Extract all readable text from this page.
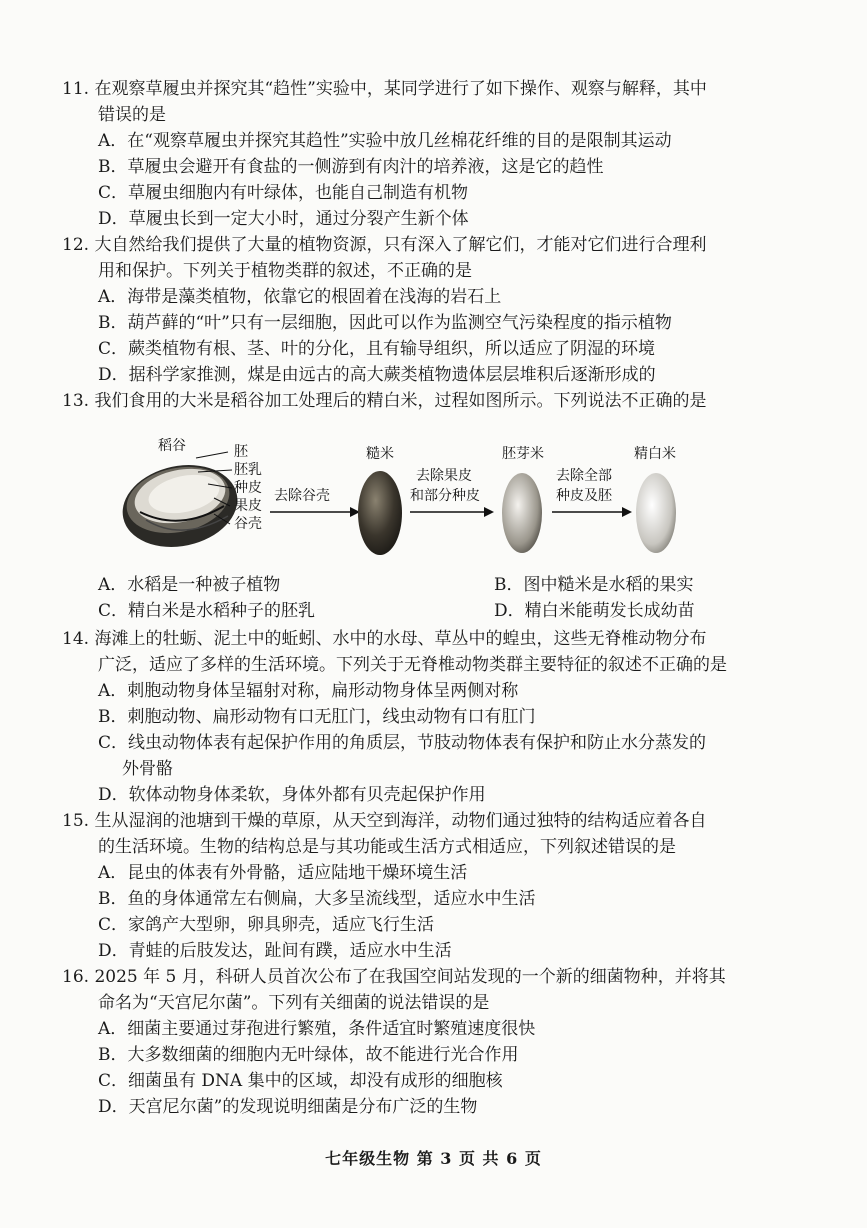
11. 在观察草履虫并探究其“趋性”实验中，某同学进行了如下操作、观察与解释，其中
错误的是
A．在“观察草履虫并探究其趋性”实验中放几丝棉花纤维的目的是限制其运动
B．草履虫会避开有食盐的一侧游到有肉汁的培养液，这是它的趋性
C．草履虫细胞内有叶绿体，也能自己制造有机物
D．草履虫长到一定大小时，通过分裂产生新个体
12. 大自然给我们提供了大量的植物资源，只有深入了解它们，才能对它们进行合理利
用和保护。下列关于植物类群的叙述，不正确的是
A．海带是藻类植物，依靠它的根固着在浅海的岩石上
B．葫芦藓的“叶”只有一层细胞，因此可以作为监测空气污染程度的指示植物
C．蕨类植物有根、茎、叶的分化，且有输导组织，所以适应了阴湿的环境
D．据科学家推测，煤是由远古的高大蕨类植物遗体层层堆积后逐渐形成的
13. 我们食用的大米是稻谷加工处理后的精白米，过程如图所示。下列说法不正确的是
稻谷	胚
胚乳
种皮
果皮
谷壳
去除谷壳
糙米
去除果皮
和部分种皮
胚芽米
去除全部
种皮及胚
精白米
A．水稻是一种被子植物	B．图中糙米是水稻的果实
C．精白米是水稻种子的胚乳	D．精白米能萌发长成幼苗
14. 海滩上的牡蛎、泥土中的蚯蚓、水中的水母、草丛中的蝗虫，这些无脊椎动物分布
广泛，适应了多样的生活环境。下列关于无脊椎动物类群主要特征的叙述不正确的是
A．刺胞动物身体呈辐射对称，扁形动物身体呈两侧对称
B．刺胞动物、扁形动物有口无肛门，线虫动物有口有肛门
C．线虫动物体表有起保护作用的角质层，节肢动物体表有保护和防止水分蒸发的
外骨骼
D．软体动物身体柔软，身体外都有贝壳起保护作用
15. 生从湿润的池塘到干燥的草原，从天空到海洋，动物们通过独特的结构适应着各自
的生活环境。生物的结构总是与其功能或生活方式相适应，下列叙述错误的是
A．昆虫的体表有外骨骼，适应陆地干燥环境生活
B．鱼的身体通常左右侧扁，大多呈流线型，适应水中生活
C．家鸽产大型卵，卵具卵壳，适应飞行生活
D．青蛙的后肢发达，趾间有蹼，适应水中生活
16. 2025 年 5 月，科研人员首次公布了在我国空间站发现的一个新的细菌物种，并将其
命名为“天宫尼尔菌”。下列有关细菌的说法错误的是
A．细菌主要通过芽孢进行繁殖，条件适宜时繁殖速度很快
B．大多数细菌的细胞内无叶绿体，故不能进行光合作用
C．细菌虽有 DNA 集中的区域，却没有成形的细胞核
D．天宫尼尔菌”的发现说明细菌是分布广泛的生物
七年级生物 第 3 页 共 6 页
